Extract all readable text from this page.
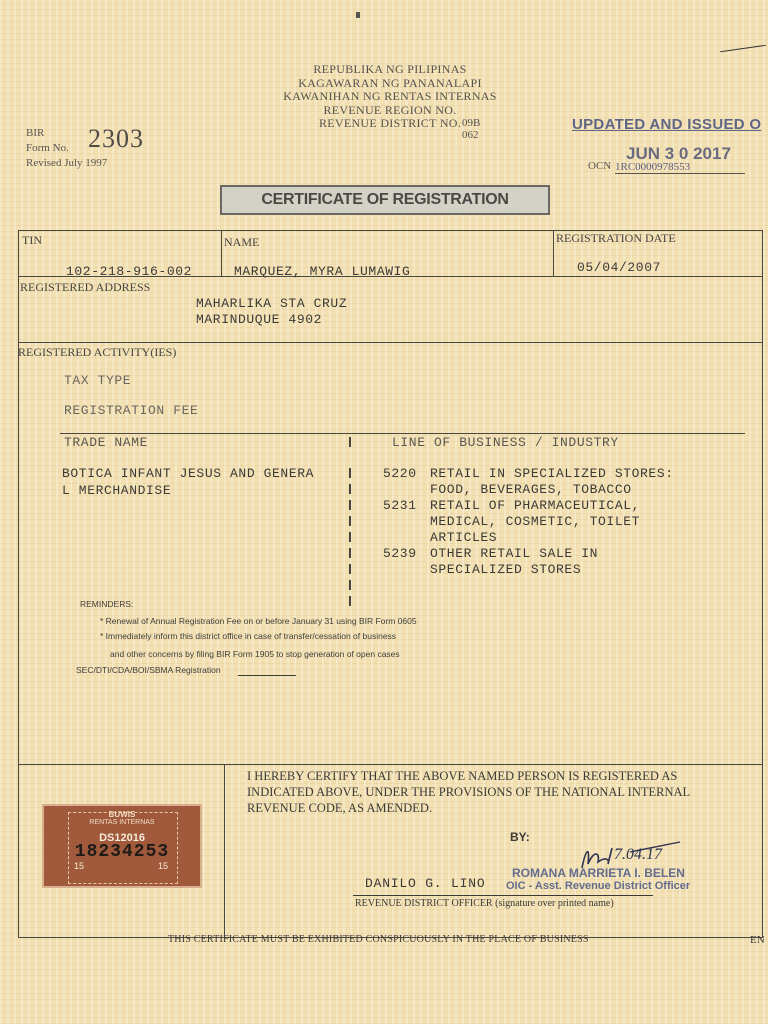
REPUBLIKA NG PILIPINAS
KAGAWARAN NG PANANALAPI
KAWANIHAN NG RENTAS INTERNAS
REVENUE REGION NO.
REVENUE DISTRICT NO. 09B
062
BIR
Form No. 2303
Revised July 1997
UPDATED AND ISSUED O
JUN 3 0 2017
OCN 1RC0000978553
CERTIFICATE OF REGISTRATION
TIN	NAME	REGISTRATION DATE
102-218-916-002	MARQUEZ, MYRA LUMAWIG	05/04/2007
REGISTERED ADDRESS
MAHARLIKA STA CRUZ
MARINDUQUE 4902
REGISTERED ACTIVITY(IES)
TAX TYPE
REGISTRATION FEE
TRADE NAME	LINE OF BUSINESS / INDUSTRY
BOTICA INFANT JESUS AND GENERA
L MERCHANDISE
5220 RETAIL IN SPECIALIZED STORES:
FOOD, BEVERAGES, TOBACCO
5231 RETAIL OF PHARMACEUTICAL,
MEDICAL, COSMETIC, TOILET
ARTICLES
5239 OTHER RETAIL SALE IN
SPECIALIZED STORES
REMINDERS:
* Renewal of Annual Registration Fee on or before January 31 using BIR Form 0605
* Immediately inform this district office in case of transfer/cessation of business
and other concerns by filing BIR Form 1905 to stop generation of open cases
SEC/DTI/CDA/BOI/SBMA Registration
I HEREBY CERTIFY THAT THE ABOVE NAMED PERSON IS REGISTERED AS INDICATED ABOVE, UNDER THE PROVISIONS OF THE NATIONAL INTERNAL REVENUE CODE, AS AMENDED.
BUWIS
RENTAS INTERNAS
DS12016
18234253
15	15
BY:
7.04.17
ROMANA MARRIETA I. BELEN
OIC - Asst. Revenue District Officer
DANILO G. LINO
REVENUE DISTRICT OFFICER (signature over printed name)
THIS CERTIFICATE MUST BE EXHIBITED CONSPICUOUSLY IN THE PLACE OF BUSINESS	EN
